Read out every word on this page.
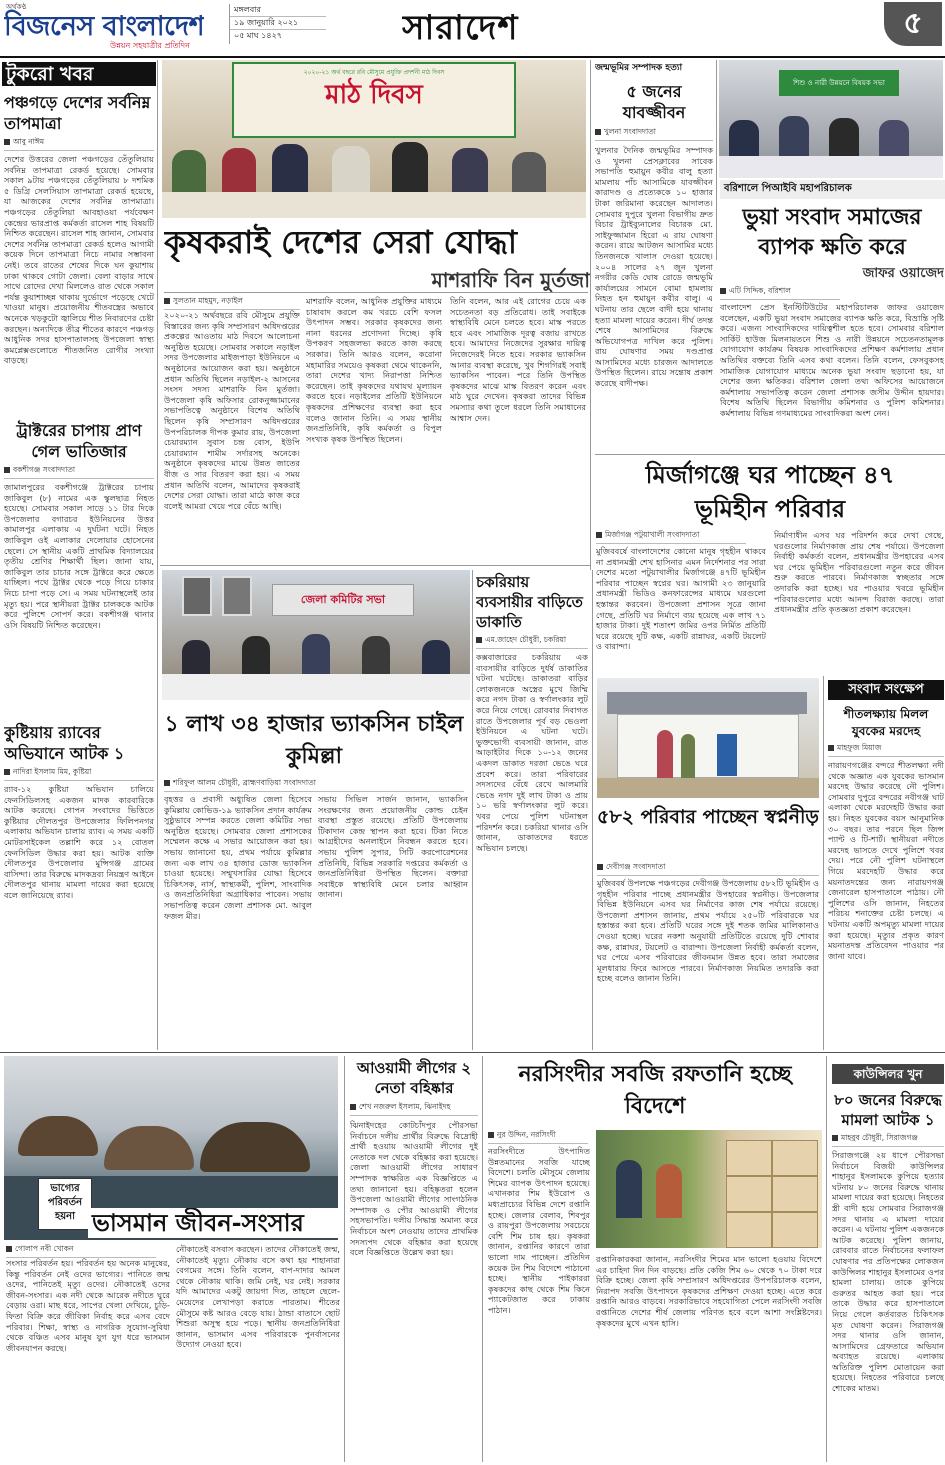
অর্থকণ্ঠ
বিজনেস বাংলাদেশ
উন্নয়ন সহযাত্রীর প্রতিদিন
মঙ্গলবার
১৯ জানুয়ারি ২০২১
০৫ মাঘ ১৪২৭	সারাদেশ	৫
টুকরো খবর
পঞ্চগড়ে দেশের সর্বনিম্ন তাপমাত্রা
আবু নাঈম
দেশের উত্তরের জেলা পঞ্চগড়ের তেঁতুলিয়ায় সর্বনিম্ন তাপমাত্রা রেকর্ড হয়েছে। সোমবার সকাল ৯টায় পঞ্চগড়ের তেঁতুলিয়ায় ৮ দশমিক ৫ ডিগ্রি সেলসিয়াস তাপমাত্রা রেকর্ড হয়েছে, যা আজকের দেশের সর্বনিম্ন তাপমাত্রা। পঞ্চগড়ের তেঁতুলিয়া আবহাওয়া পর্যবেক্ষণ কেন্দ্রের ভারপ্রাপ্ত কর্মকর্তা রাসেল শাহ বিষয়টি নিশ্চিত করেছেন। রাসেল শাহ জানান, সোমবার দেশের সর্বনিম্ন তাপমাত্রা রেকর্ড হলেও আগামী কয়েক দিনে তাপমাত্রা নিচে নামার সম্ভাবনা নেই। তবে রাতের শেষের দিকে ঘন কুয়াশায় ঢাকা থাকবে গোটা জেলা। বেলা বাড়ার সাথে সাথে রোদের দেখা মিললেও রাত থেকে সকাল পর্যন্ত কুয়াশাচ্ছন্ন থাকায় দুর্ভোগে পড়েছে খেটে খাওয়া মানুষ। প্রয়োজনীয় শীতবস্ত্রের অভাবে অনেকে খড়কুটো জ্বালিয়ে শীত নিবারণের চেষ্টা করছেন। অন্যদিকে তীব্র শীতের কারণে পঞ্চগড় আধুনিক সদর হাসপাতালসহ উপজেলা স্বাস্থ্য কমপ্লেক্সগুলোতে শীতজনিত রোগীর সংখ্যা বাড়ছে।
ট্রাক্টরের চাপায় প্রাণ গেল ভাতিজার
বকশীগঞ্জ সংবাদদাতা
জামালপুরের বকশীগঞ্জে ট্রাক্টরের চাপায় জাকিবুল (৮) নামের এক স্কুলছাত্র নিহত হয়েছে। সোমবার সকাল সাড়ে ১১ টার দিকে উপজেলার বগারচর ইউনিয়নের উত্তর কামালপুর এলাকায় এ দুর্ঘটনা ঘটে। নিহত জাকিবুল ওই এলাকার দেলোয়ার হোসেনের ছেলে। সে স্থানীয় একটি প্রাথমিক বিদ্যালয়ের তৃতীয় শ্রেণির শিক্ষার্থী ছিল। জানা যায়, জাকিবুল তার চাচার সঙ্গে ট্রাক্টরে করে ক্ষেতে যাচ্ছিল। পথে ট্রাক্টর থেকে পড়ে গিয়ে চাকার নিচে চাপা পড়ে সে। এ সময় ঘটনাস্থলেই তার মৃত্যু হয়। পরে স্থানীয়রা ট্রাক্টর চালককে আটক করে পুলিশে সোপর্দ করে। বকশীগঞ্জ থানার ওসি বিষয়টি নিশ্চিত করেছেন।
কুষ্টিয়ায় র‍্যাবের অভিযানে আটক ১
নাদিরা ইসলাম মিম, কুষ্টিয়া
র‍্যাব-১২ কুষ্টিয়া অভিযান চালিয়ে ফেনসিডিলসহ একজন মাদক কারবারিকে আটক করেছে। গোপন সংবাদের ভিত্তিতে কুষ্টিয়ার দৌলতপুর উপজেলার ফিলিপনগর এলাকায় অভিযান চালায় র‍্যাব। এ সময় একটি মোটরসাইকেল তল্লাশি করে ১২ বোতল ফেনসিডিল উদ্ধার করা হয়। আটক ব্যক্তি দৌলতপুর উপজেলার মুন্সিগঞ্জ গ্রামের বাসিন্দা। তার বিরুদ্ধে মাদকদ্রব্য নিয়ন্ত্রণ আইনে দৌলতপুর থানায় মামলা দায়ের করা হয়েছে বলে জানিয়েছে র‍্যাব।
২০২০-২১ অর্থ বছরে রবি মৌসুমে প্রযুক্তি প্রদর্শনী মাঠ দিবস
মাঠ দিবস
কৃষকরাই দেশের সেরা যোদ্ধা
মাশরাফি বিন মুর্তজা
সুলতান মাহমুদ, নড়াইল
২০২০-২১ অর্থবছরে রবি মৌসুমে প্রযুক্তি বিস্তারের জন্য কৃষি সম্প্রসারণ অধিদপ্তরের প্রকল্পের আওতায় মাঠ দিবসে আলোচনা অনুষ্ঠিত হয়েছে। সোমবার সকালে নড়াইল সদর উপজেলার মাইজপাড়া ইউনিয়নে এ অনুষ্ঠানের আয়োজন করা হয়। অনুষ্ঠানে প্রধান অতিথি ছিলেন নড়াইল-২ আসনের সংসদ সদস্য মাশরাফি বিন মুর্তজা। উপজেলা কৃষি অফিসার রোকনুজ্জামানের সভাপতিত্বে অনুষ্ঠানে বিশেষ অতিথি ছিলেন কৃষি সম্প্রসারণ অধিদপ্তরের উপপরিচালক দীপক কুমার রায়, উপজেলা চেয়ারম্যান সুবাস চন্দ্র বোস, ইউপি চেয়ারম্যান শামীম সর্দারসহ অনেকে। অনুষ্ঠানে কৃষকদের মাঝে উন্নত জাতের বীজ ও সার বিতরণ করা হয়। এ সময় প্রধান অতিথি বলেন, আমাদের কৃষকরাই দেশের সেরা যোদ্ধা। তারা মাঠে কাজ করে বলেই আমরা খেয়ে পরে বেঁচে আছি।
মাশরাফি বলেন, আধুনিক প্রযুক্তির মাধ্যমে চাষাবাদ করলে কম খরচে বেশি ফসল উৎপাদন সম্ভব। সরকার কৃষকদের জন্য নানা ধরনের প্রণোদনা দিচ্ছে। কৃষি উপকরণ সহজলভ্য করতে কাজ করছে সরকার। তিনি আরও বলেন, করোনা মহামারির সময়েও কৃষকরা থেমে থাকেননি, তারা দেশের খাদ্য নিরাপত্তা নিশ্চিত করেছেন। তাই কৃষকদের যথাযথ মূল্যায়ন করতে হবে। নড়াইলের প্রতিটি ইউনিয়নে কৃষকদের প্রশিক্ষণের ব্যবস্থা করা হবে বলেও জানান তিনি। এ সময় স্থানীয় জনপ্রতিনিধি, কৃষি কর্মকর্তা ও বিপুল সংখ্যক কৃষক উপস্থিত ছিলেন।
তিনি বলেন, আর এই রোগের চেয়ে এক সচেতনতা বড় প্রতিরোধ। তাই সবাইকে স্বাস্থ্যবিধি মেনে চলতে হবে। মাস্ক পরতে হবে এবং সামাজিক দূরত্ব বজায় রাখতে হবে। আমাদের নিজেদের সুরক্ষার দায়িত্ব নিজেদেরই নিতে হবে। সরকার ভ্যাকসিন আনার ব্যবস্থা করেছে, খুব শিগগিরই সবাই ভ্যাকসিন পাবেন। পরে তিনি উপস্থিত কৃষকদের মাঝে মাস্ক বিতরণ করেন এবং মাঠ ঘুরে দেখেন। কৃষকরা তাদের বিভিন্ন সমস্যার কথা তুলে ধরলে তিনি সমাধানের আশ্বাস দেন।
জন্মভূমির সম্পাদক হত্যা
৫ জনের যাবজ্জীবন
খুলনা সংবাদদাতা
খুলনার দৈনিক জন্মভূমির সম্পাদক ও খুলনা প্রেসক্লাবের সাবেক সভাপতি হুমায়ুন কবীর বালু হত্যা মামলায় পাঁচ আসামিকে যাবজ্জীবন কারাদণ্ড ও প্রত্যেককে ১০ হাজার টাকা জরিমানা করেছেন আদালত। সোমবার দুপুরে খুলনা বিভাগীয় দ্রুত বিচার ট্রাইব্যুনালের বিচারক মো. সাইফুজ্জামান হিরো এ রায় ঘোষণা করেন। রায়ে আটজন আসামির মধ্যে তিনজনকে খালাস দেওয়া হয়েছে। ২০০৪ সালের ২৭ জুন খুলনা নগরীর কেডি ঘোষ রোডে জন্মভূমি কার্যালয়ের সামনে বোমা হামলায় নিহত হন হুমায়ুন কবীর বালু। এ ঘটনায় তার ছেলে বাদী হয়ে থানায় হত্যা মামলা দায়ের করেন। দীর্ঘ তদন্ত শেষে আসামিদের বিরুদ্ধে অভিযোগপত্র দাখিল করে পুলিশ। রায় ঘোষণার সময় দণ্ডপ্রাপ্ত আসামিদের মধ্যে চারজন আদালতে উপস্থিত ছিলেন। রায়ে সন্তোষ প্রকাশ করেছে বাদীপক্ষ।
শিশু ও নারী উন্নয়নে বিষয়ক সভা
বরিশালে পিআইবি মহাপরিচালক
ভুয়া সংবাদ সমাজের ব্যাপক ক্ষতি করে
জাফর ওয়াজেদ
এটি সিদ্দিক, বরিশাল
বাংলাদেশ প্রেস ইনস্টিটিউটের মহাপরিচালক জাফর ওয়াজেদ বলেছেন, একটি ভুয়া সংবাদ সমাজের ব্যাপক ক্ষতি করে, বিভ্রান্তি সৃষ্টি করে। এজন্য সাংবাদিকদের দায়িত্বশীল হতে হবে। সোমবার বরিশাল সার্কিট হাউজ মিলনায়তনে শিশু ও নারী উন্নয়নে সচেতনতামূলক যোগাযোগ কার্যক্রম বিষয়ক সাংবাদিকদের প্রশিক্ষণ কর্মশালায় প্রধান অতিথির বক্তব্যে তিনি এসব কথা বলেন। তিনি বলেন, ফেসবুকসহ সামাজিক যোগাযোগ মাধ্যমে অনেক ভুয়া সংবাদ ছড়ানো হয়, যা দেশের জন্য ক্ষতিকর। বরিশাল জেলা তথ্য অফিসের আয়োজনে কর্মশালায় সভাপতিত্ব করেন জেলা প্রশাসক জসীম উদ্দীন হায়দার। বিশেষ অতিথি ছিলেন বিভাগীয় কমিশনার ও পুলিশ কমিশনার। কর্মশালায় বিভিন্ন গণমাধ্যমের সাংবাদিকরা অংশ নেন।
মির্জাগঞ্জে ঘর পাচ্ছেন ৪৭ ভূমিহীন পরিবার
মির্জাগঞ্জ পটুয়াখালী সংবাদদাতা
মুজিববর্ষে বাংলাদেশের কোনো মানুষ গৃহহীন থাকবে না প্রধানমন্ত্রী শেখ হাসিনার এমন নির্দেশনার পর সারা দেশের মতো পটুয়াখালীর মির্জাগঞ্জে ৪৭টি ভূমিহীন পরিবার পাচ্ছেন স্বপ্নের ঘর। আগামী ২৩ জানুয়ারি প্রধানমন্ত্রী ভিডিও কনফারেন্সের মাধ্যমে ঘরগুলো হস্তান্তর করবেন। উপজেলা প্রশাসন সূত্রে জানা গেছে, প্রতিটি ঘর নির্মাণে ব্যয় হয়েছে এক লাখ ৭১ হাজার টাকা। দুই শতাংশ জমির ওপর নির্মিত প্রতিটি ঘরে রয়েছে দুটি কক্ষ, একটি রান্নাঘর, একটি টয়লেট ও বারান্দা।
নির্মাণাধীন এসব ঘর পরিদর্শন করে দেখা গেছে, ঘরগুলোর নির্মাণকাজ প্রায় শেষ পর্যায়ে। উপজেলা নির্বাহী কর্মকর্তা বলেন, প্রধানমন্ত্রীর উপহারের এসব ঘর পেয়ে ভূমিহীন পরিবারগুলো নতুন করে জীবন শুরু করতে পারবে। নির্মাণকাজ স্বচ্ছতার সঙ্গে তদারকি করা হচ্ছে। ঘর পাওয়ার খবরে ভূমিহীন পরিবারগুলোর মধ্যে আনন্দ বিরাজ করছে। তারা প্রধানমন্ত্রীর প্রতি কৃতজ্ঞতা প্রকাশ করেছেন।
জেলা কমিটির সভা
১ লাখ ৩৪ হাজার ভ্যাকসিন চাইল কুমিল্লা
শরিফুল আলম চৌধুরী, ব্রাহ্মণবাড়িয়া সংবাদদাতা
বৃহত্তর ও প্রবাসী অধ্যুষিত জেলা হিসেবে কুমিল্লায় কোভিড-১৯ ভ্যাকসিন প্রদান কার্যক্রম সুষ্ঠুভাবে সম্পন্ন করতে জেলা কমিটির সভা অনুষ্ঠিত হয়েছে। সোমবার জেলা প্রশাসকের সম্মেলন কক্ষে এ সভার আয়োজন করা হয়। সভায় জানানো হয়, প্রথম পর্যায়ে কুমিল্লার জন্য এক লাখ ৩৪ হাজার ডোজ ভ্যাকসিন চাওয়া হয়েছে। সম্মুখসারির যোদ্ধা হিসেবে চিকিৎসক, নার্স, স্বাস্থ্যকর্মী, পুলিশ, সাংবাদিক ও জনপ্রতিনিধিরা অগ্রাধিকার পাবেন। সভায় সভাপতিত্ব করেন জেলা প্রশাসক মো. আবুল ফজল মীর।
সভায় সিভিল সার্জন জানান, ভ্যাকসিন সংরক্ষণের জন্য প্রয়োজনীয় কোল্ড চেইন ব্যবস্থা প্রস্তুত রয়েছে। প্রতিটি উপজেলায় টিকাদান কেন্দ্র স্থাপন করা হবে। টিকা নিতে আগ্রহীদের অনলাইনে নিবন্ধন করতে হবে। সভায় পুলিশ সুপার, সিটি করপোরেশনের প্রতিনিধি, বিভিন্ন সরকারি দপ্তরের কর্মকর্তা ও জনপ্রতিনিধিরা উপস্থিত ছিলেন। বক্তারা সবাইকে স্বাস্থ্যবিধি মেনে চলার আহ্বান জানান।
চকরিয়ায় ব্যবসায়ীর বাড়িতে ডাকাতি
এম.জাহেদ চৌধুরী, চকরিয়া
কক্সবাজারের চকরিয়ায় এক ব্যবসায়ীর বাড়িতে দুর্ধর্ষ ডাকাতির ঘটনা ঘটেছে। ডাকাতরা বাড়ির লোকজনকে অস্ত্রের মুখে জিম্মি করে নগদ টাকা ও স্বর্ণালংকার লুট করে নিয়ে গেছে। রোববার দিবাগত রাতে উপজেলার পূর্ব বড় ভেওলা ইউনিয়নে এ ঘটনা ঘটে। ভুক্তভোগী ব্যবসায়ী জানান, রাত আড়াইটার দিকে ১০-১২ জনের একদল ডাকাত দরজা ভেঙে ঘরে প্রবেশ করে। তারা পরিবারের সদস্যদের বেঁধে রেখে আলমারি ভেঙে নগদ দুই লাখ টাকা ও প্রায় ১০ ভরি স্বর্ণালংকার লুট করে। খবর পেয়ে পুলিশ ঘটনাস্থল পরিদর্শন করে। চকরিয়া থানার ওসি জানান, ডাকাতদের ধরতে অভিযান চলছে।
৫৮২ পরিবার পাচ্ছেন স্বপ্ননীড়
দেবীগঞ্জ সংবাদদাতা
মুজিববর্ষ উপলক্ষে পঞ্চগড়ের দেবীগঞ্জ উপজেলায় ৫৮২টি ভূমিহীন ও গৃহহীন পরিবার পাচ্ছে প্রধানমন্ত্রীর উপহারের স্বপ্ননীড়। উপজেলার বিভিন্ন ইউনিয়নে এসব ঘর নির্মাণের কাজ শেষ পর্যায়ে রয়েছে। উপজেলা প্রশাসন জানায়, প্রথম পর্যায়ে ২৫০টি পরিবারকে ঘর হস্তান্তর করা হবে। প্রতিটি ঘরের সঙ্গে দুই শতক জমির মালিকানাও দেওয়া হচ্ছে। ঘরের নকশা অনুযায়ী প্রতিটিতে রয়েছে দুটি শোবার কক্ষ, রান্নাঘর, টয়লেট ও বারান্দা। উপজেলা নির্বাহী কর্মকর্তা বলেন, ঘর পেয়ে এসব পরিবারের জীবনমান উন্নত হবে। তারা সমাজের মূলধারায় ফিরে আসতে পারবে। নির্মাণকাজ নিয়মিত তদারকি করা হচ্ছে বলেও জানান তিনি।
সংবাদ সংক্ষেপ
শীতলক্ষ্যায় মিলল যুবকের মরদেহ
মাহফুজ মিয়াজ
নারায়ণগঞ্জের বন্দরে শীতলক্ষ্যা নদী থেকে অজ্ঞাত এক যুবকের ভাসমান মরদেহ উদ্ধার করেছে নৌ পুলিশ। সোমবার দুপুরে বন্দরের নবীগঞ্জ ঘাট এলাকা থেকে মরদেহটি উদ্ধার করা হয়। নিহত যুবকের বয়স আনুমানিক ৩০ বছর। তার পরনে ছিল জিন্স প্যান্ট ও টি-শার্ট। স্থানীয়রা নদীতে মরদেহ ভাসতে দেখে পুলিশে খবর দেয়। পরে নৌ পুলিশ ঘটনাস্থলে গিয়ে মরদেহটি উদ্ধার করে ময়নাতদন্তের জন্য নারায়ণগঞ্জ জেনারেল হাসপাতালে পাঠায়। নৌ পুলিশের ওসি জানান, নিহতের পরিচয় শনাক্তের চেষ্টা চলছে। এ ঘটনায় একটি অপমৃত্যু মামলা দায়ের করা হয়েছে। মৃত্যুর প্রকৃত কারণ ময়নাতদন্ত প্রতিবেদন পাওয়ার পর জানা যাবে।
ভাগ্যের পরিবর্তন হয়না ভাসমান জীবন-সংসার
গোলাপ নবী খোকন
সংসার পরিবর্তন হয়। পরিবর্তন হয় অনেক মানুষের, কিন্তু পরিবর্তন নেই ওদের ভাগ্যের। পানিতে জন্ম ওদের, পানিতেই মৃত্যু ওদের। নৌকাতেই ওদের জীবন-সংসার। এক নদী থেকে আরেক নদীতে ঘুরে বেড়ায় ওরা। মাছ ধরে, সাপের খেলা দেখিয়ে, চুড়ি-ফিতা বিক্রি করে জীবিকা নির্বাহ করে এসব বেদে পরিবার। শিক্ষা, স্বাস্থ্য ও নাগরিক সুযোগ-সুবিধা থেকে বঞ্চিত এসব মানুষ যুগ যুগ ধরে ভাসমান জীবনযাপন করছে।
নৌকাতেই বসবাস করছেন। তাদের নৌকাতেই জন্ম, নৌকাতেই মৃত্যু। নৌকায় বসে কথা হয় শাহানারা বেগমের সঙ্গে। তিনি বলেন, বাপ-দাদার আমল থেকে নৌকায় থাকি। জমি নেই, ঘর নেই। সরকার যদি আমাদের একটু জায়গা দিত, তাহলে ছেলে-মেয়েদের লেখাপড়া করাতে পারতাম। শীতের মৌসুমে কষ্ট আরও বেড়ে যায়। ঠান্ডা বাতাসে ছোট শিশুরা অসুস্থ হয়ে পড়ে। স্থানীয় জনপ্রতিনিধিরা জানান, ভাসমান এসব পরিবারকে পুনর্বাসনের উদ্যোগ নেওয়া হবে।
আওয়ামী লীগের ২ নেতা বহিষ্কার
শেখ নজরুল ইসলাম, ঝিনাইদহ
ঝিনাইদহের কোটচাঁদপুর পৌরসভা নির্বাচনে দলীয় প্রার্থীর বিরুদ্ধে বিদ্রোহী প্রার্থী হওয়ায় আওয়ামী লীগের দুই নেতাকে দল থেকে বহিষ্কার করা হয়েছে। জেলা আওয়ামী লীগের সাধারণ সম্পাদক স্বাক্ষরিত এক বিজ্ঞপ্তিতে এ তথ্য জানানো হয়। বহিষ্কৃতরা হলেন উপজেলা আওয়ামী লীগের সাংগঠনিক সম্পাদক ও পৌর আওয়ামী লীগের সহসভাপতি। দলীয় সিদ্ধান্ত অমান্য করে নির্বাচনে অংশ নেওয়ায় তাদের প্রাথমিক সদস্যপদ থেকে বহিষ্কার করা হয়েছে বলে বিজ্ঞপ্তিতে উল্লেখ করা হয়।
নরসিংদীর সবজি রফতানি হচ্ছে বিদেশে
নুর উদ্দিন, নরসিংদী
নরসিংদীতে উৎপাদিত উন্নতমানের সবজি যাচ্ছে বিদেশে। চলতি মৌসুমে জেলায় শিমের ব্যাপক উৎপাদন হয়েছে। এখানকার শিম ইউরোপ ও মধ্যপ্রাচ্যের বিভিন্ন দেশে রপ্তানি হচ্ছে। জেলার বেলাব, শিবপুর ও রায়পুরা উপজেলায় সবচেয়ে বেশি শিম চাষ হয়। কৃষকরা জানান, রপ্তানির কারণে তারা ভালো দাম পাচ্ছেন। প্রতিদিন কয়েক টন শিম বিদেশে পাঠানো হচ্ছে। স্থানীয় পাইকাররা কৃষকদের কাছ থেকে শিম কিনে প্যাকেটজাত করে ঢাকায় পাঠান।
রপ্তানিকারকরা জানান, নরসিংদীর শিমের মান ভালো হওয়ায় বিদেশে এর চাহিদা দিন দিন বাড়ছে। প্রতি কেজি শিম ৬০ থেকে ৭০ টাকা দরে বিক্রি হচ্ছে। জেলা কৃষি সম্প্রসারণ অধিদপ্তরের উপপরিচালক বলেন, নিরাপদ সবজি উৎপাদনে কৃষকদের প্রশিক্ষণ দেওয়া হচ্ছে। এতে করে রপ্তানি আরও বাড়বে। সরকারিভাবে সহযোগিতা পেলে নরসিংদী সবজি রপ্তানিতে দেশের শীর্ষ জেলায় পরিণত হবে বলে আশা সংশ্লিষ্টদের। কৃষকদের মুখে এখন হাসি।
কাউন্সিলর খুন
৮০ জনের বিরুদ্ধে মামলা আটক ১
মাহবুব চৌধুরী, সিরাজগঞ্জ
সিরাজগঞ্জে ২য় ধাপে পৌরসভা নির্বাচনে বিজয়ী কাউন্সিলর শাহানুর ইসলামকে কুপিয়ে হত্যার ঘটনায় ৮০ জনের বিরুদ্ধে থানায় মামলা দায়ের করা হয়েছে। নিহতের স্ত্রী বাদী হয়ে সোমবার সিরাজগঞ্জ সদর থানায় এ মামলা দায়ের করেন। এ ঘটনায় পুলিশ একজনকে আটক করেছে। পুলিশ জানায়, রোববার রাতে নির্বাচনের ফলাফল ঘোষণার পর প্রতিপক্ষের লোকজন কাউন্সিলর শাহানুর ইসলামের ওপর হামলা চালায়। তাকে কুপিয়ে গুরুতর আহত করা হয়। পরে তাকে উদ্ধার করে হাসপাতালে নিয়ে গেলে কর্তব্যরত চিকিৎসক মৃত ঘোষণা করেন। সিরাজগঞ্জ সদর থানার ওসি জানান, আসামিদের গ্রেফতারে অভিযান অব্যাহত রয়েছে। এলাকায় অতিরিক্ত পুলিশ মোতায়েন করা হয়েছে। নিহতের পরিবারে চলছে শোকের মাতম।
